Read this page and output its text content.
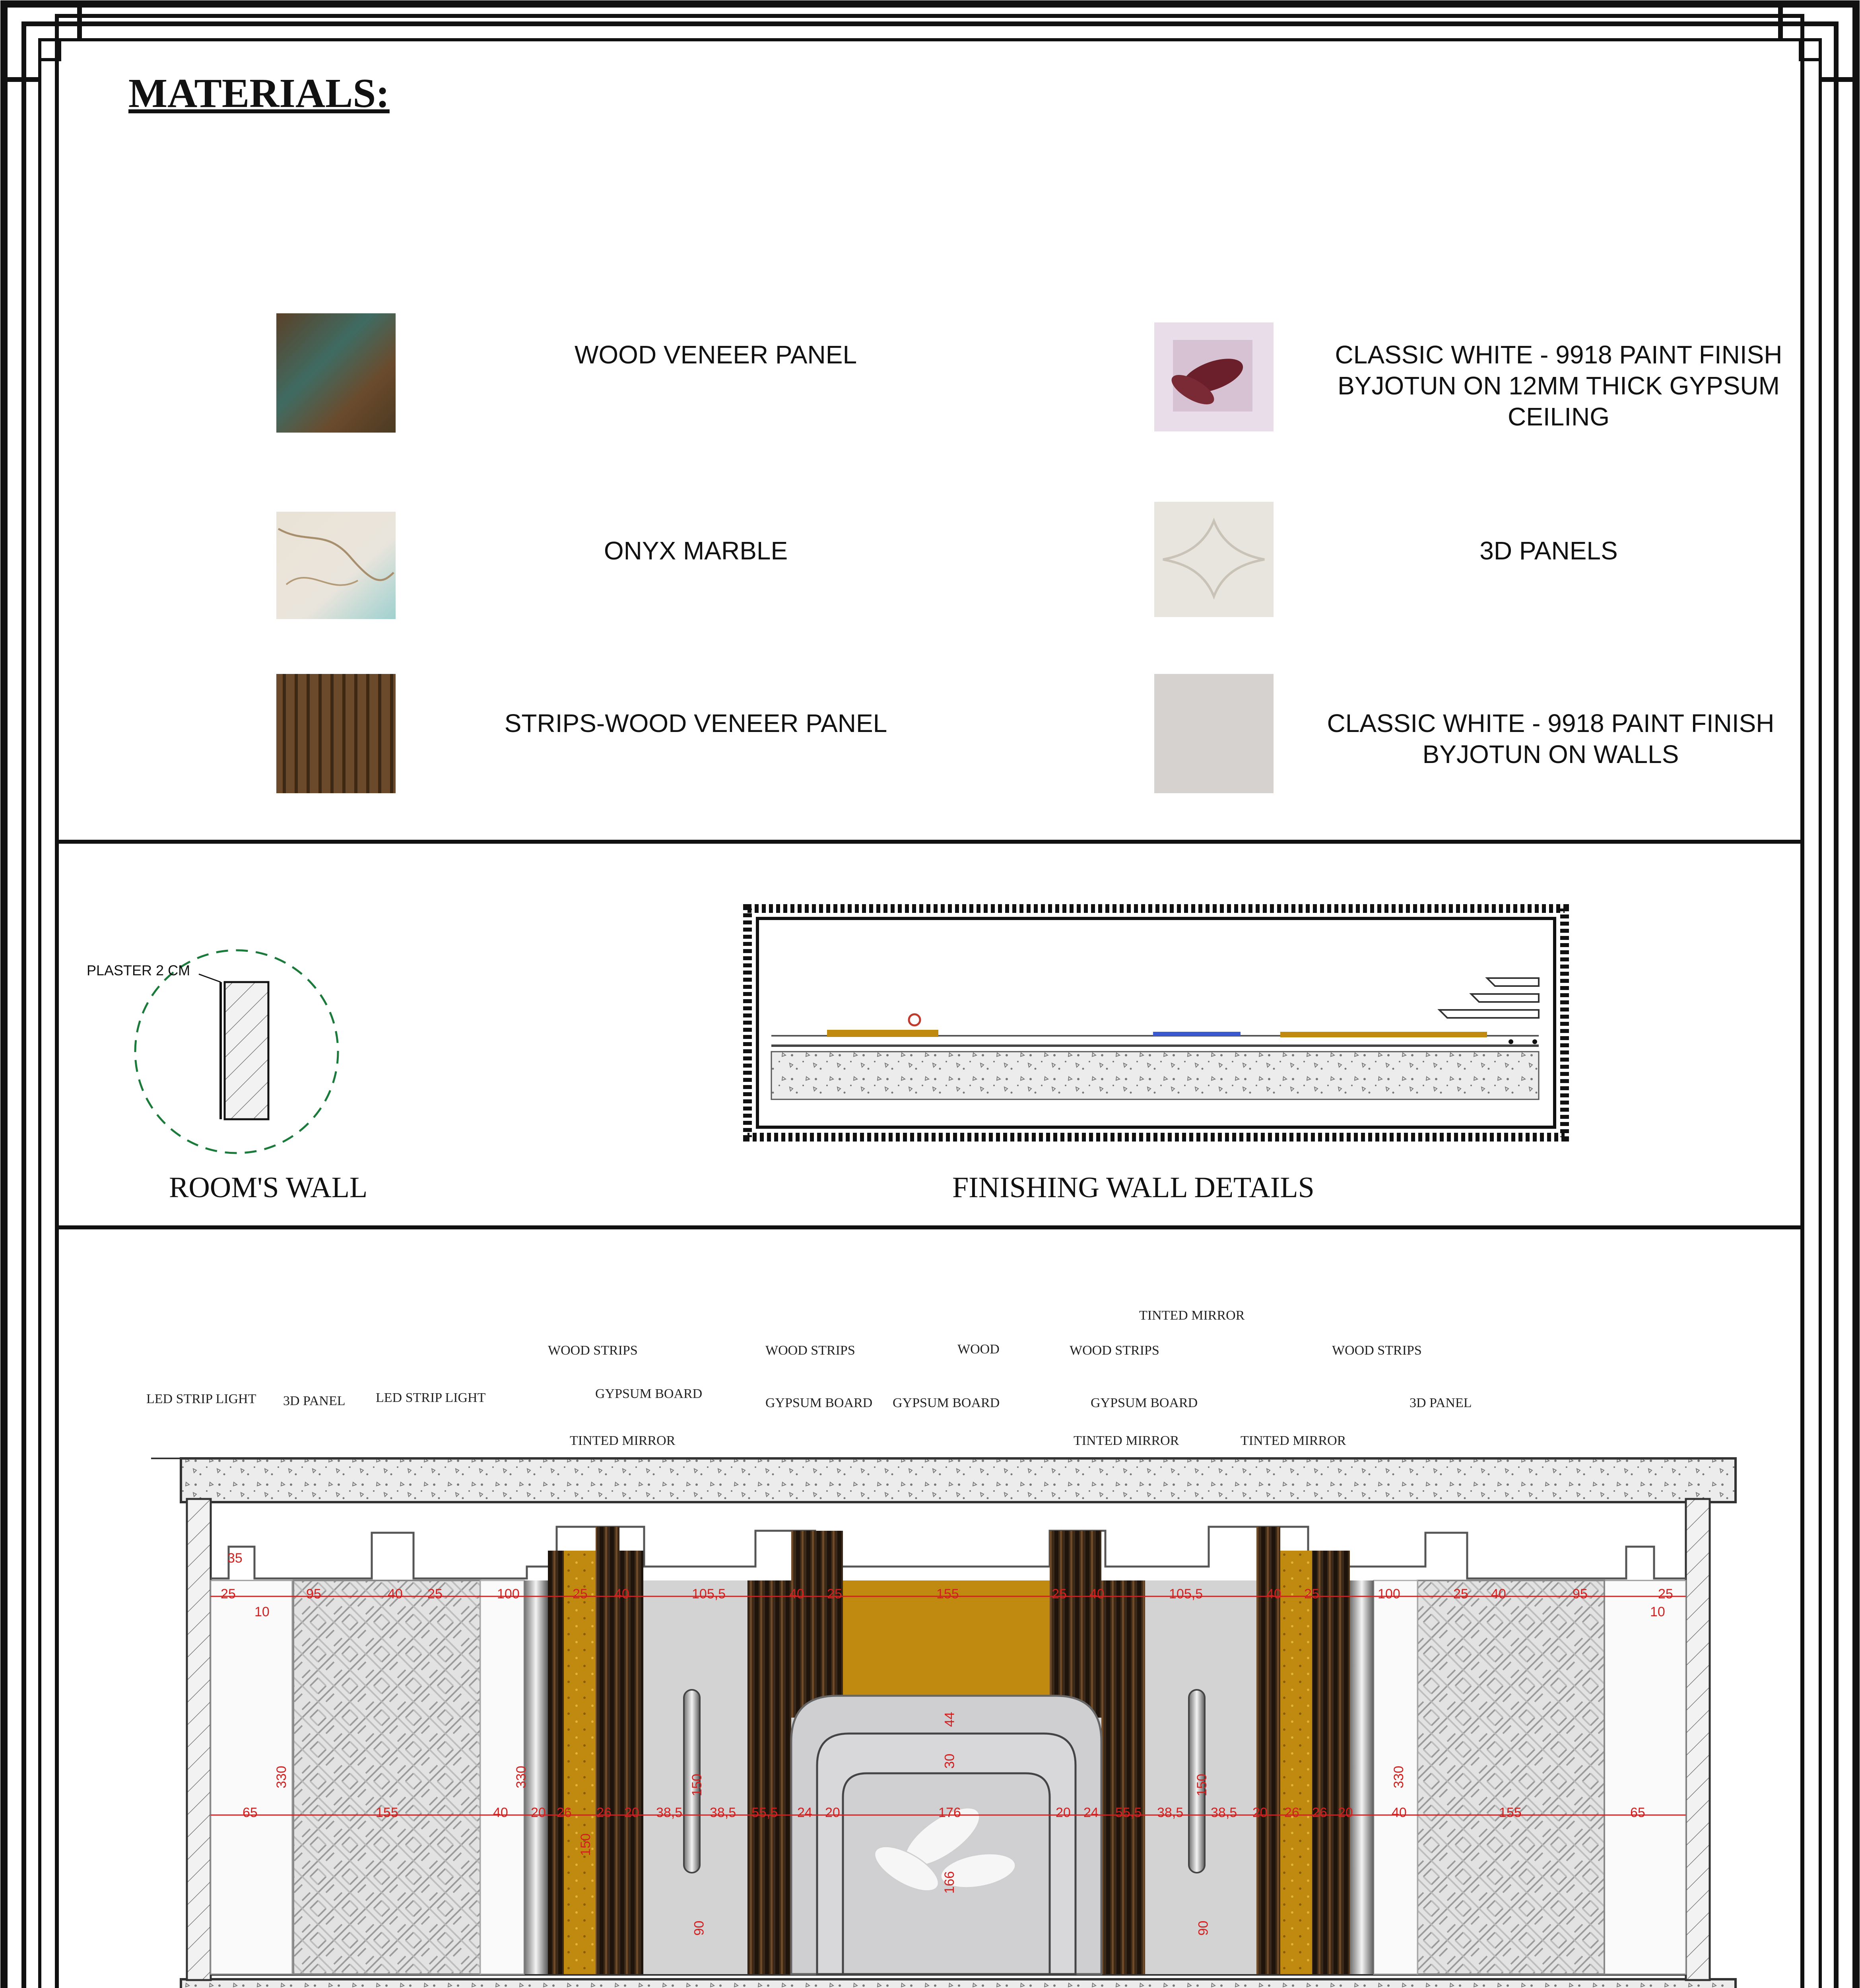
MATERIALS:
WOOD VENEER PANEL
ONYX MARBLE
STRIPS-WOOD VENEER PANEL
CLASSIC WHITE - 9918 PAINT FINISH BYJOTUN ON 12MM THICK GYPSUM CEILING
3D PANELS
CLASSIC WHITE - 9918 PAINT FINISH BYJOTUN ON WALLS
PLASTER 2 CM
ROOM'S WALL	FINISHING WALL DETAILS
LED STRIP LIGHT 3D PANEL LED STRIP LIGHT
WOOD STRIPS
GYPSUM BOARD
TINTED MIRROR
WOOD STRIPS
GYPSUM BOARD
WOOD
GYPSUM BOARD
WOOD STRIPS
TINTED MIRROR
GYPSUM BOARD
TINTED MIRROR	TINTED MIRROR
WOOD STRIPS
3D PANEL
35
25
10
95	40 25	100	25 40	105,5	40 25	155	25 40	105,5	40 25	100	25 40	95	25
10
65	155	40 20 26 26 20 38,5 38,5 55,5 24 20	176	20 24 55,5 38,5 38,5 20 26 26 20	40	155	65
330	330
30
44
166
150	150
90	90
330
150
